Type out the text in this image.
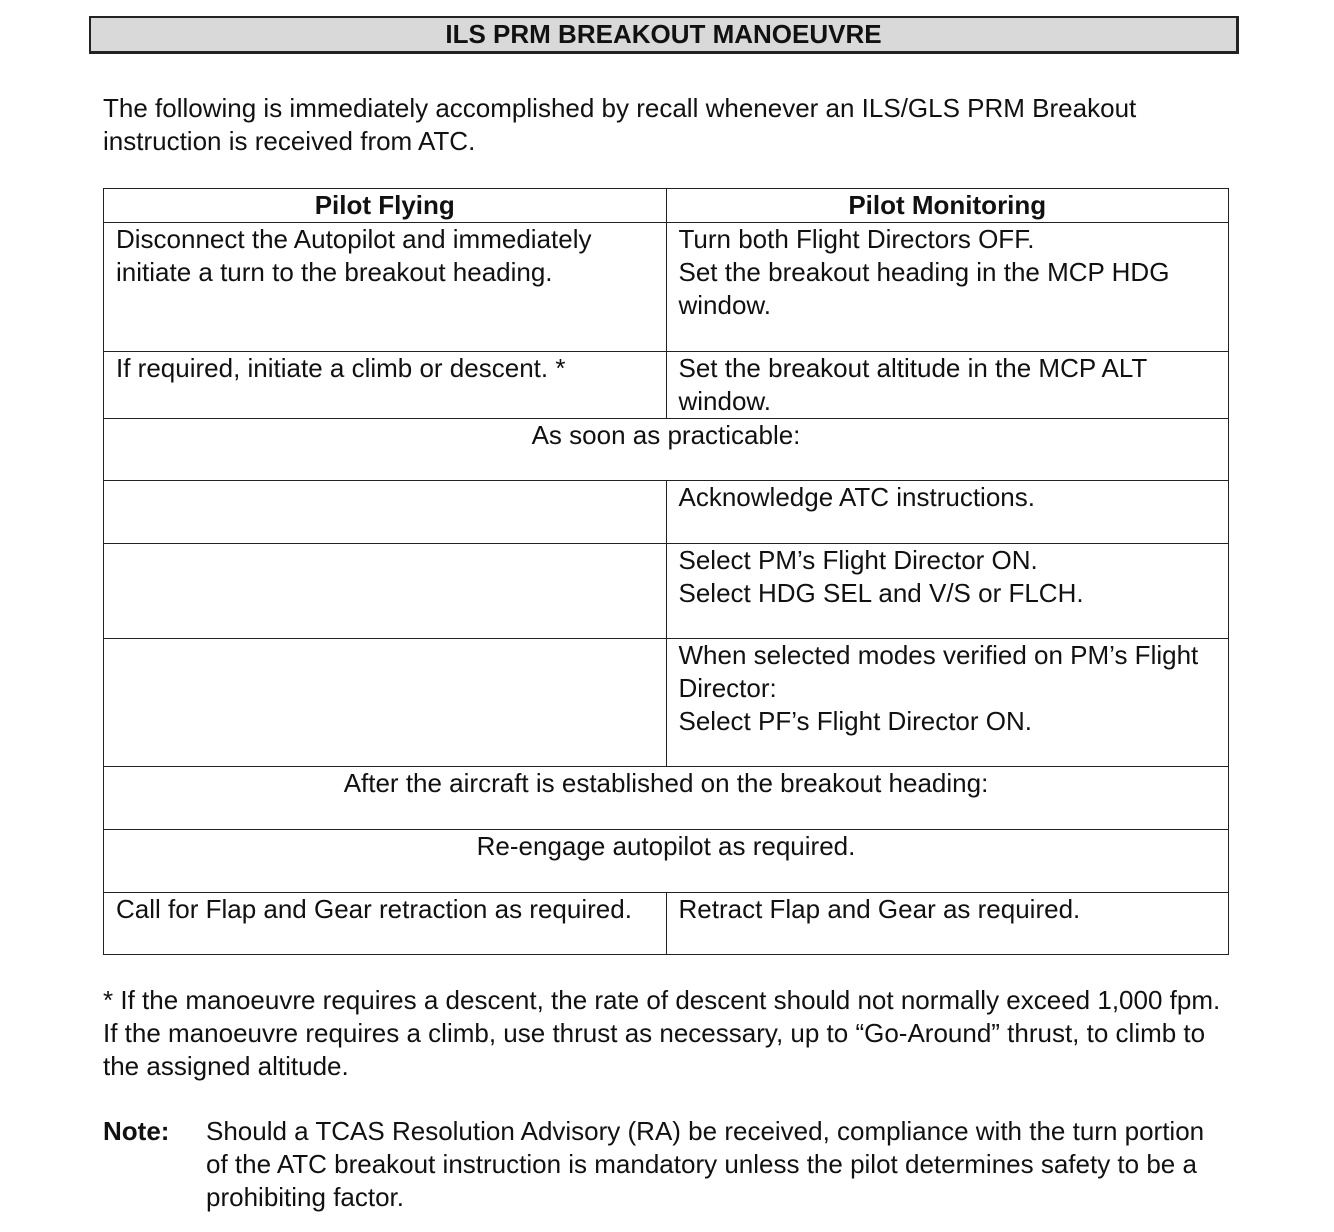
ILS PRM BREAKOUT MANOEUVRE
The following is immediately accomplished by recall whenever an ILS/GLS PRM Breakout instruction is received from ATC.
Pilot Flying	Pilot Monitoring
Disconnect the Autopilot and immediately initiate a turn to the breakout heading.	Turn both Flight Directors OFF.
Set the breakout heading in the MCP HDG window.

If required, initiate a climb or descent. *	Set the breakout altitude in the MCP ALT window.
As soon as practicable:	
	Acknowledge ATC instructions.

	Select PM’s Flight Director ON.
Select HDG SEL and V/S or FLCH.

	When selected modes verified on PM’s Flight Director:
Select PF’s Flight Director ON.

After the aircraft is established on the breakout heading:	
Re-engage autopilot as required.	
Call for Flap and Gear retraction as required.	Retract Flap and Gear as required.
* If the manoeuvre requires a descent, the rate of descent should not normally exceed 1,000 fpm. If the manoeuvre requires a climb, use thrust as necessary, up to “Go-Around” thrust, to climb to the assigned altitude.
Note:	Should a TCAS Resolution Advisory (RA) be received, compliance with the turn portion of the ATC breakout instruction is mandatory unless the pilot determines safety to be a prohibiting factor.
